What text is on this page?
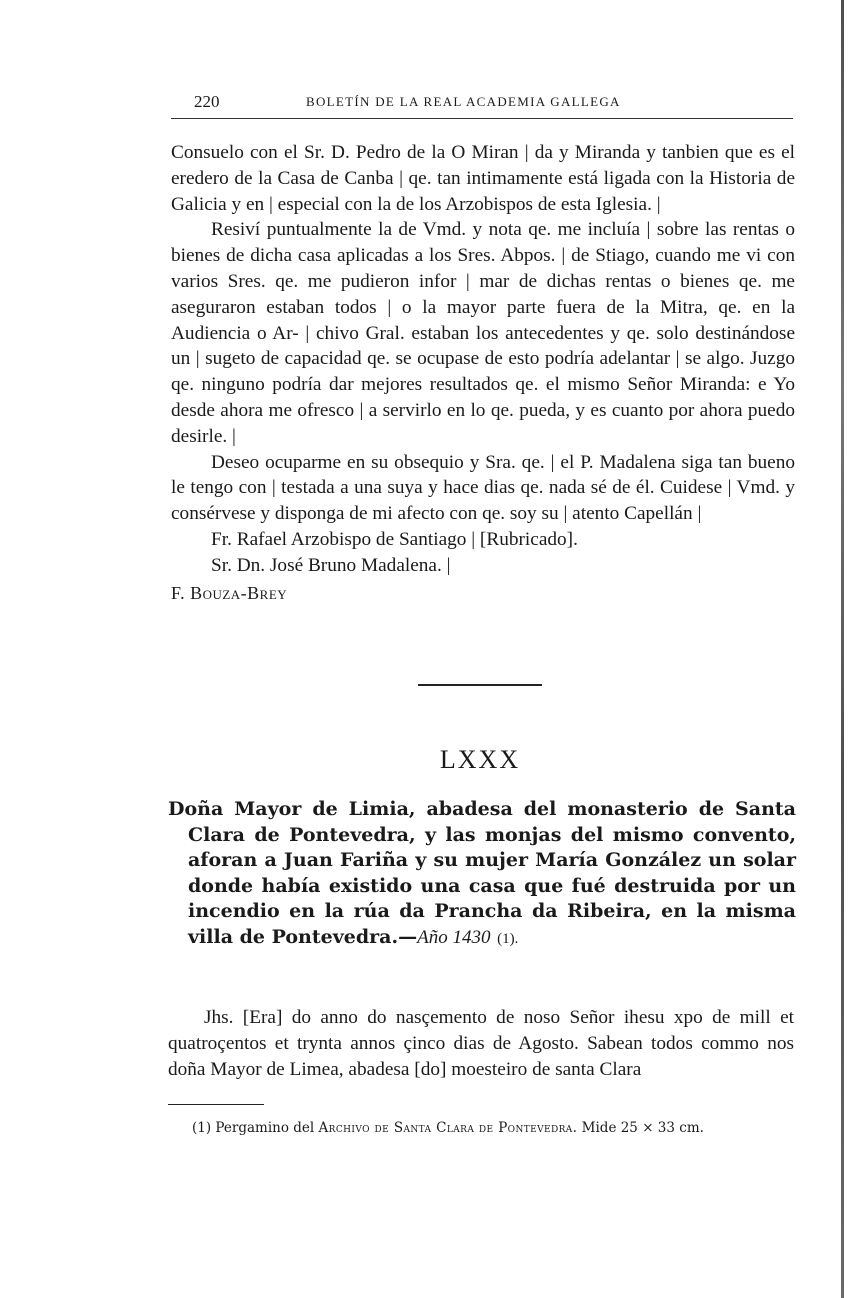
220	BOLETÍN DE LA REAL ACADEMIA GALLEGA

Consuelo con el Sr. D. Pedro de la O Miran | da y Miranda y tanbien que es el eredero de la Casa de Canba | qe. tan intimamente está ligada con la Historia de Galicia y en | especial con la de los Arzobispos de esta Iglesia. |

Resiví puntualmente la de Vmd. y nota qe. me incluía | sobre las rentas o bienes de dicha casa aplicadas a los Sres. Abpos. | de Stiago, cuando me vi con varios Sres. qe. me pudieron infor | mar de dichas rentas o bienes qe. me aseguraron estaban todos | o la mayor parte fuera de la Mitra, qe. en la Audiencia o Ar- | chivo Gral. estaban los antecedentes y qe. solo destinándose un | sugeto de capacidad qe. se ocupase de esto podría adelantar | se algo. Juzgo qe. ninguno podría dar mejores resultados qe. el mismo Señor Miranda: e Yo desde ahora me ofresco | a servirlo en lo qe. pueda, y es cuanto por ahora puedo desirle. |

Deseo ocuparme en su obsequio y Sra. qe. | el P. Madalena siga tan bueno le tengo con | testada a una suya y hace dias qe. nada sé de él. Cuidese | Vmd. y consérvese y disponga de mi afecto con qe. soy su | atento Capellán |

Fr. Rafael Arzobispo de Santiago | [Rubricado].

Sr. Dn. José Bruno Madalena. |

F. Bouza-Brey

LXXX

Doña Mayor de Limia, abadesa del monasterio de Santa Clara de Pontevedra, y las monjas del mismo convento, aforan a Juan Fariña y su mujer María González un solar donde había existido una casa que fué destruida por un incendio en la rúa da Prancha da Ribeira, en la misma villa de Pontevedra.—Año 1430 (1).

Jhs. [Era] do anno do nasçemento de noso Señor ihesu xpo de mill et quatroçentos et trynta annos çinco dias de Agosto. Sabean todos commo nos doña Mayor de Limea, abadesa [do] moesteiro de santa Clara

(1) Pergamino del Archivo de Santa Clara de Pontevedra. Mide 25 × 33 cm.
